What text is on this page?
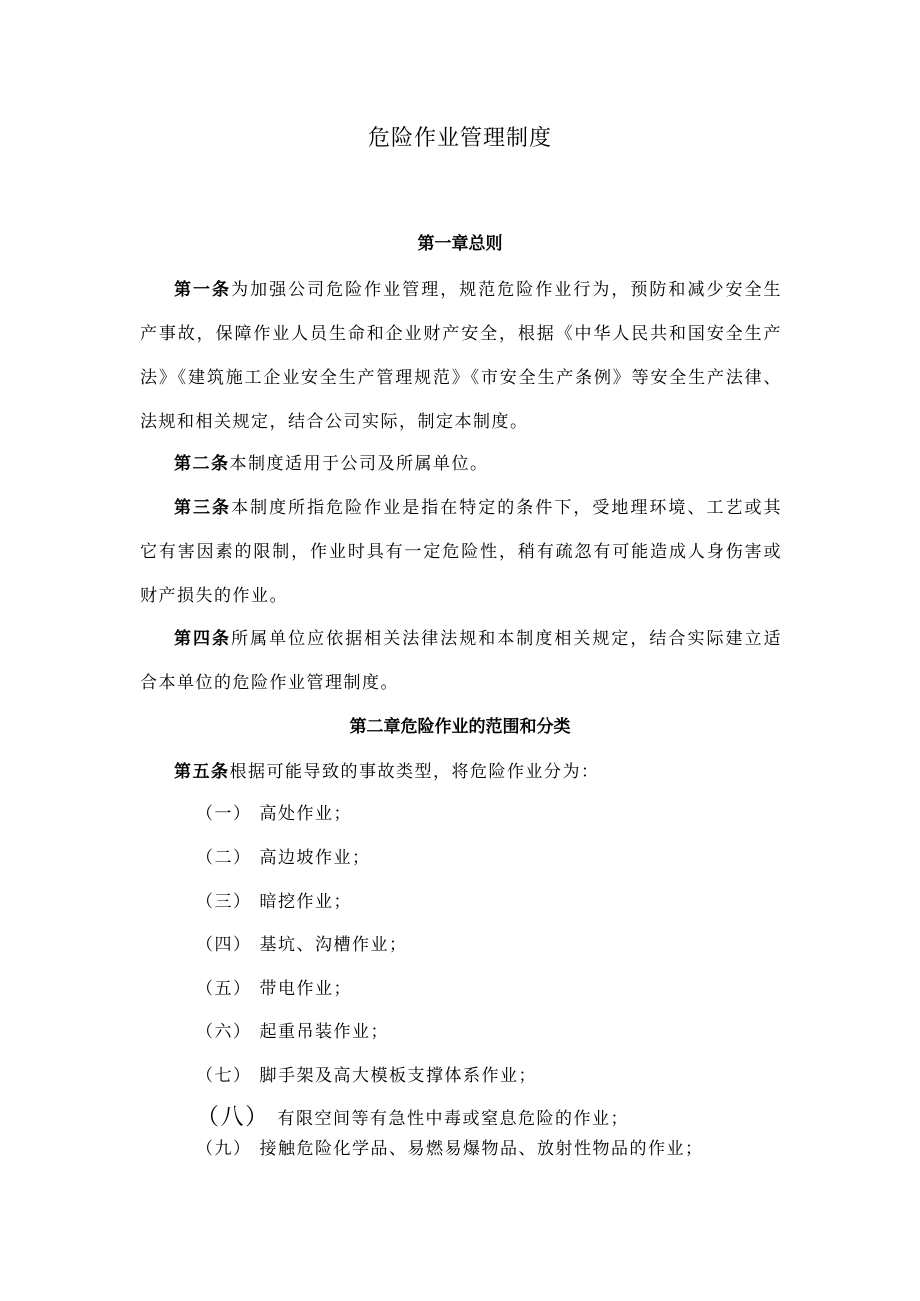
危险作业管理制度
第一章总则

第一条为加强公司危险作业管理，规范危险作业行为，预防和减少安全生产事故，保障作业人员生命和企业财产安全，根据《中华人民共和国安全生产法》《建筑施工企业安全生产管理规范》《市安全生产条例》等安全生产法律、法规和相关规定，结合公司实际，制定本制度。

第二条本制度适用于公司及所属单位。

第三条本制度所指危险作业是指在特定的条件下，受地理环境、工艺或其它有害因素的限制，作业时具有一定危险性，稍有疏忽有可能造成人身伤害或财产损失的作业。

第四条所属单位应依据相关法律法规和本制度相关规定，结合实际建立适合本单位的危险作业管理制度。

第二章危险作业的范围和分类

第五条根据可能导致的事故类型，将危险作业分为：

（一） 高处作业；
（二） 高边坡作业；
（三） 暗挖作业；
（四） 基坑、沟槽作业；
（五） 带电作业；
（六） 起重吊装作业；
（七） 脚手架及高大模板支撑体系作业；
（八） 有限空间等有急性中毒或窒息危险的作业；
（九） 接触危险化学品、易燃易爆物品、放射性物品的作业；
